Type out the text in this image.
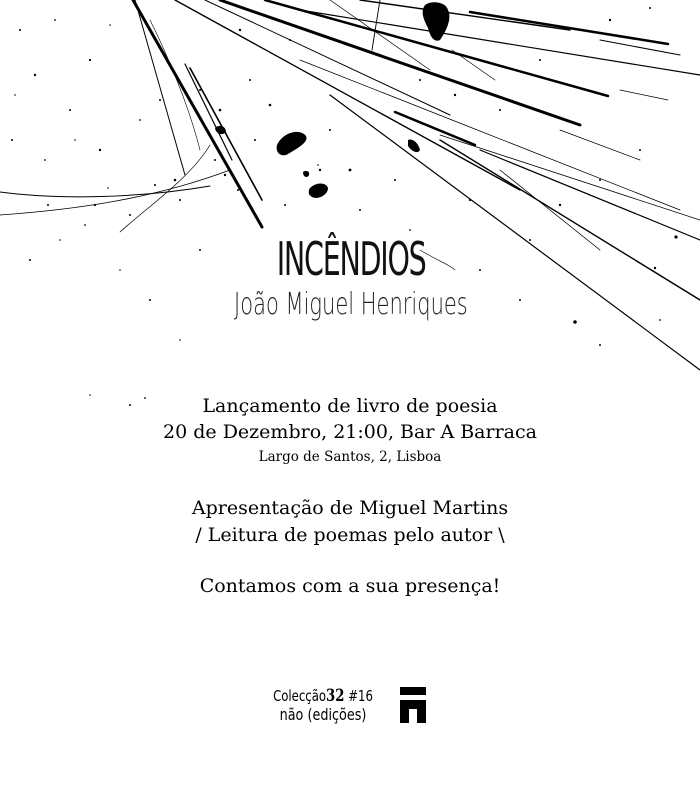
INCÊNDIOS
João Miguel Henriques
Lançamento de livro de poesia
20 de Dezembro, 21:00, Bar A Barraca
Largo de Santos, 2, Lisboa
Apresentação de Miguel Martins
/ Leitura de poemas pelo autor \
Contamos com a sua presença!
Colecção32 #16
não (edições)
